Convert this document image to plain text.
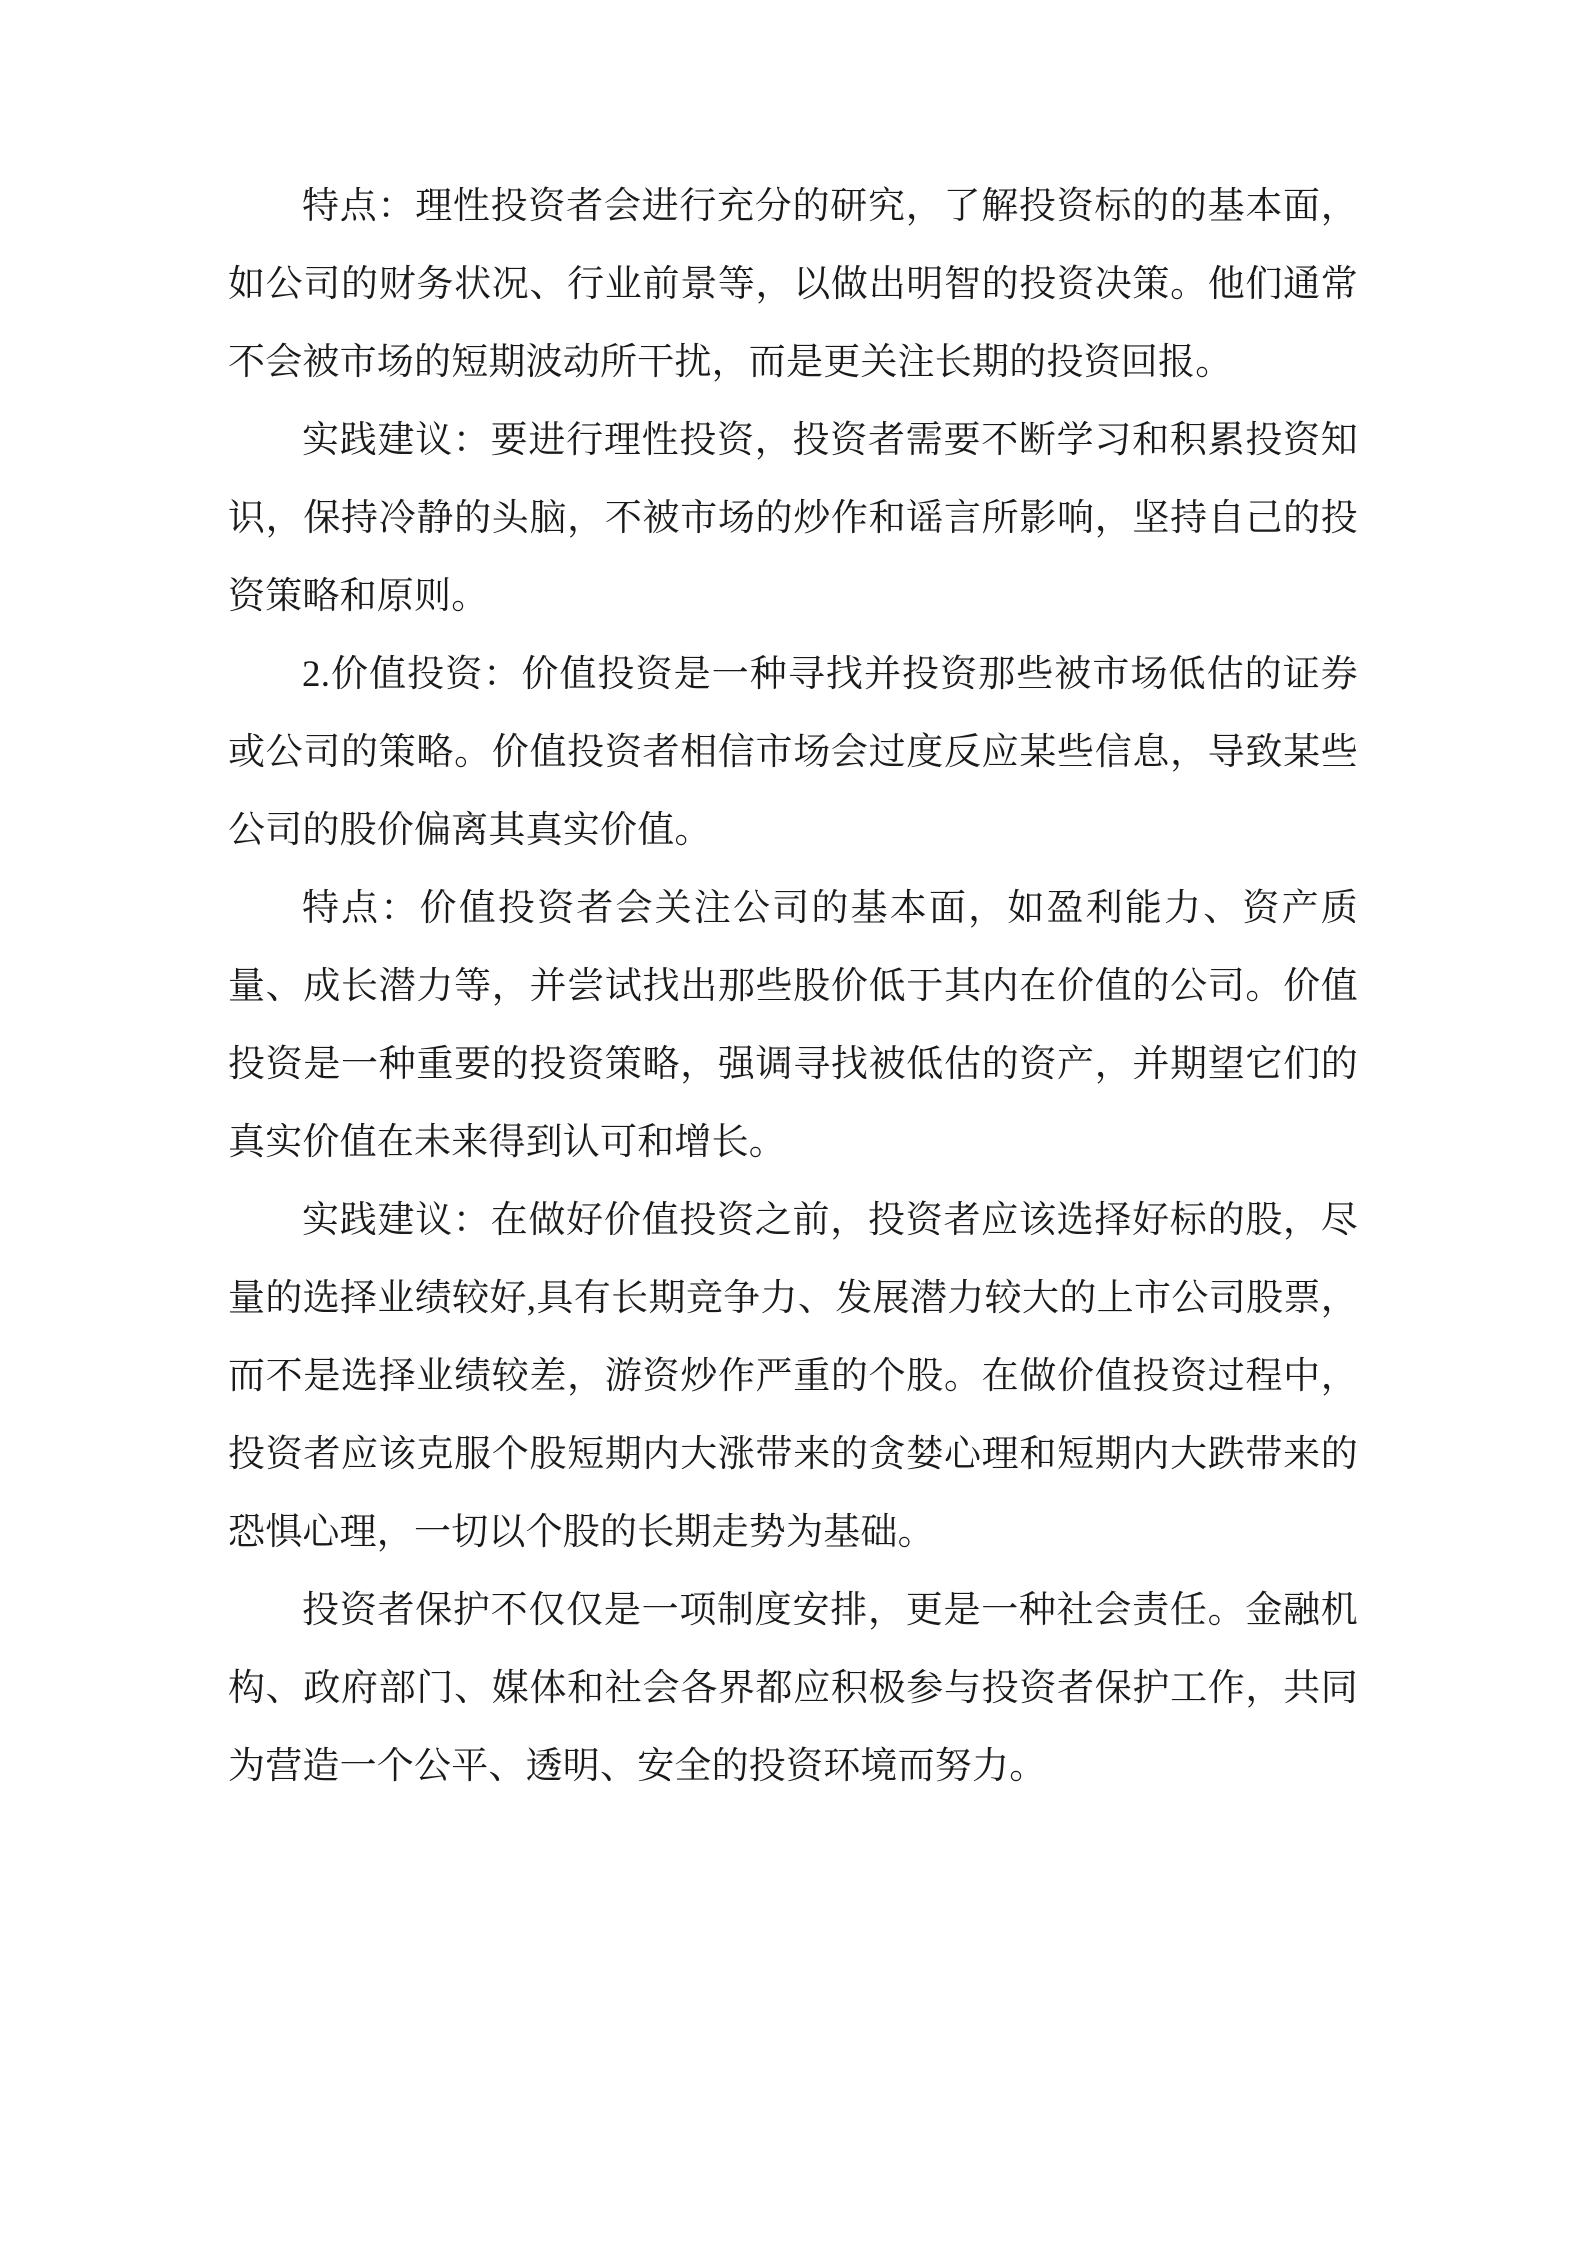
特点：理性投资者会进行充分的研究，了解投资标的的基本面，如公司的财务状况、行业前景等，以做出明智的投资决策。他们通常不会被市场的短期波动所干扰，而是更关注长期的投资回报。

实践建议：要进行理性投资，投资者需要不断学习和积累投资知识，保持冷静的头脑，不被市场的炒作和谣言所影响，坚持自己的投资策略和原则。

2.价值投资：价值投资是一种寻找并投资那些被市场低估的证券或公司的策略。价值投资者相信市场会过度反应某些信息，导致某些公司的股价偏离其真实价值。

特点：价值投资者会关注公司的基本面，如盈利能力、资产质量、成长潜力等，并尝试找出那些股价低于其内在价值的公司。价值投资是一种重要的投资策略，强调寻找被低估的资产，并期望它们的真实价值在未来得到认可和增长。

实践建议：在做好价值投资之前，投资者应该选择好标的股，尽量的选择业绩较好,具有长期竞争力、发展潜力较大的上市公司股票，而不是选择业绩较差，游资炒作严重的个股。在做价值投资过程中，投资者应该克服个股短期内大涨带来的贪婪心理和短期内大跌带来的恐惧心理，一切以个股的长期走势为基础。

投资者保护不仅仅是一项制度安排，更是一种社会责任。金融机构、政府部门、媒体和社会各界都应积极参与投资者保护工作，共同为营造一个公平、透明、安全的投资环境而努力。
